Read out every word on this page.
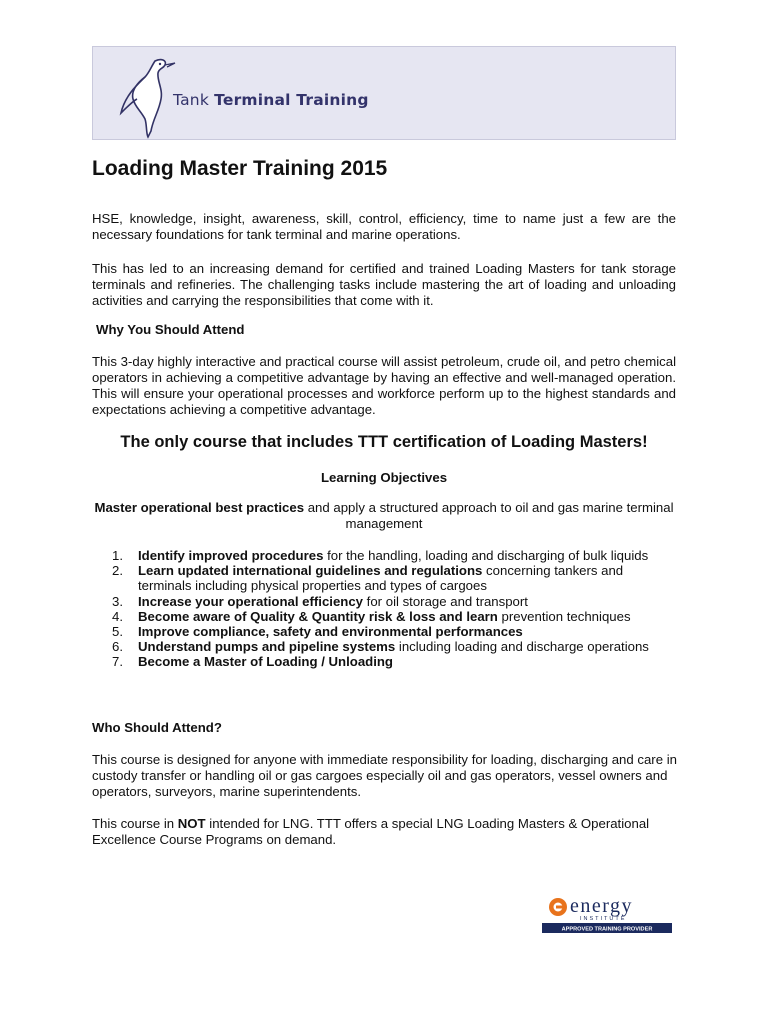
Tank Terminal Training
Loading Master Training 2015

HSE, knowledge, insight, awareness, skill, control, efficiency, time to name just a few are the necessary foundations for tank terminal and marine operations.

This has led to an increasing demand for certified and trained Loading Masters for tank storage terminals and refineries. The challenging tasks include mastering the art of loading and unloading activities and carrying the responsibilities that come with it.

Why You Should Attend

This 3-day highly interactive and practical course will assist petroleum, crude oil, and petro chemical operators in achieving a competitive advantage by having an effective and well-managed operation. This will ensure your operational processes and workforce perform up to the highest standards and expectations achieving a competitive advantage.

The only course that includes TTT certification of Loading Masters!

Learning Objectives

Master operational best practices and apply a structured approach to oil and gas marine terminal management

1. Identify improved procedures for the handling, loading and discharging of bulk liquids
2. Learn updated international guidelines and regulations concerning tankers and terminals including physical properties and types of cargoes
3. Increase your operational efficiency for oil storage and transport
4. Become aware of Quality & Quantity risk & loss and learn prevention techniques
5. Improve compliance, safety and environmental performances
6. Understand pumps and pipeline systems including loading and discharge operations
7. Become a Master of Loading / Unloading

Who Should Attend?

This course is designed for anyone with immediate responsibility for loading, discharging and care in custody transfer or handling oil or gas cargoes especially oil and gas operators, vessel owners and operators, surveyors, marine superintendents.

This course in NOT intended for LNG. TTT offers a special LNG Loading Masters & Operational Excellence Course Programs on demand.

energy
INSTITUTE
APPROVED TRAINING PROVIDER
